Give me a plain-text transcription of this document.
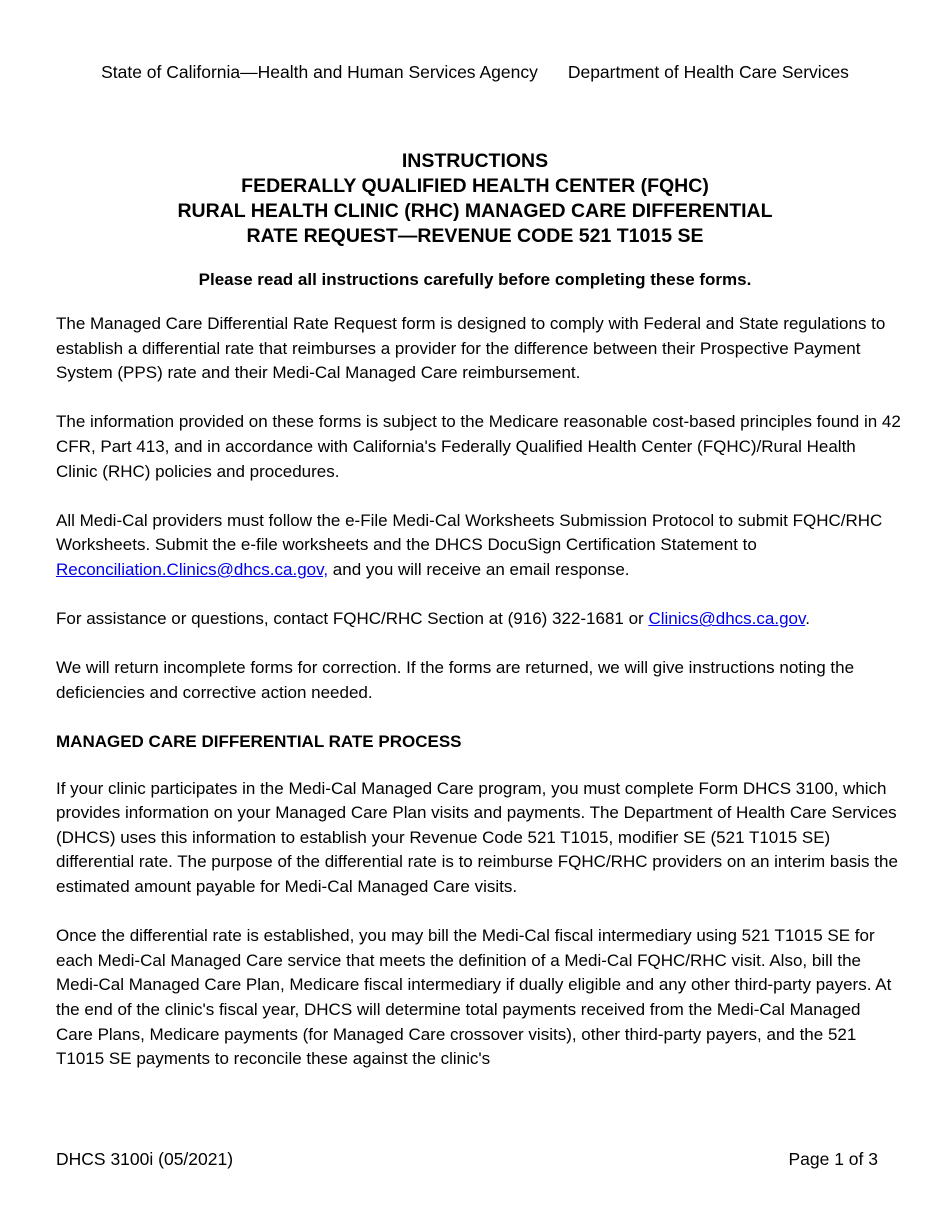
State of California—Health and Human Services Agency Department of Health Care Services
INSTRUCTIONS
FEDERALLY QUALIFIED HEALTH CENTER (FQHC)
RURAL HEALTH CLINIC (RHC) MANAGED CARE DIFFERENTIAL
RATE REQUEST—REVENUE CODE 521 T1015 SE
Please read all instructions carefully before completing these forms.

The Managed Care Differential Rate Request form is designed to comply with Federal and State regulations to establish a differential rate that reimburses a provider for the difference between their Prospective Payment System (PPS) rate and their Medi-Cal Managed Care reimbursement.

The information provided on these forms is subject to the Medicare reasonable cost-based principles found in 42 CFR, Part 413, and in accordance with California's Federally Qualified Health Center (FQHC)/Rural Health Clinic (RHC) policies and procedures.

All Medi-Cal providers must follow the e-File Medi-Cal Worksheets Submission Protocol to submit FQHC/RHC Worksheets. Submit the e-file worksheets and the DHCS DocuSign Certification Statement to Reconciliation.Clinics@dhcs.ca.gov, and you will receive an email response.

For assistance or questions, contact FQHC/RHC Section at (916) 322-1681 or Clinics@dhcs.ca.gov.

We will return incomplete forms for correction. If the forms are returned, we will give instructions noting the deficiencies and corrective action needed.

MANAGED CARE DIFFERENTIAL RATE PROCESS

If your clinic participates in the Medi-Cal Managed Care program, you must complete Form DHCS 3100, which provides information on your Managed Care Plan visits and payments. The Department of Health Care Services (DHCS) uses this information to establish your Revenue Code 521 T1015, modifier SE (521 T1015 SE) differential rate. The purpose of the differential rate is to reimburse FQHC/RHC providers on an interim basis the estimated amount payable for Medi-Cal Managed Care visits.

Once the differential rate is established, you may bill the Medi-Cal fiscal intermediary using 521 T1015 SE for each Medi-Cal Managed Care service that meets the definition of a Medi-Cal FQHC/RHC visit. Also, bill the Medi-Cal Managed Care Plan, Medicare fiscal intermediary if dually eligible and any other third-party payers. At the end of the clinic's fiscal year, DHCS will determine total payments received from the Medi-Cal Managed Care Plans, Medicare payments (for Managed Care crossover visits), other third-party payers, and the 521 T1015 SE payments to reconcile these against the clinic's

DHCS 3100i (05/2021)	Page 1 of 3
